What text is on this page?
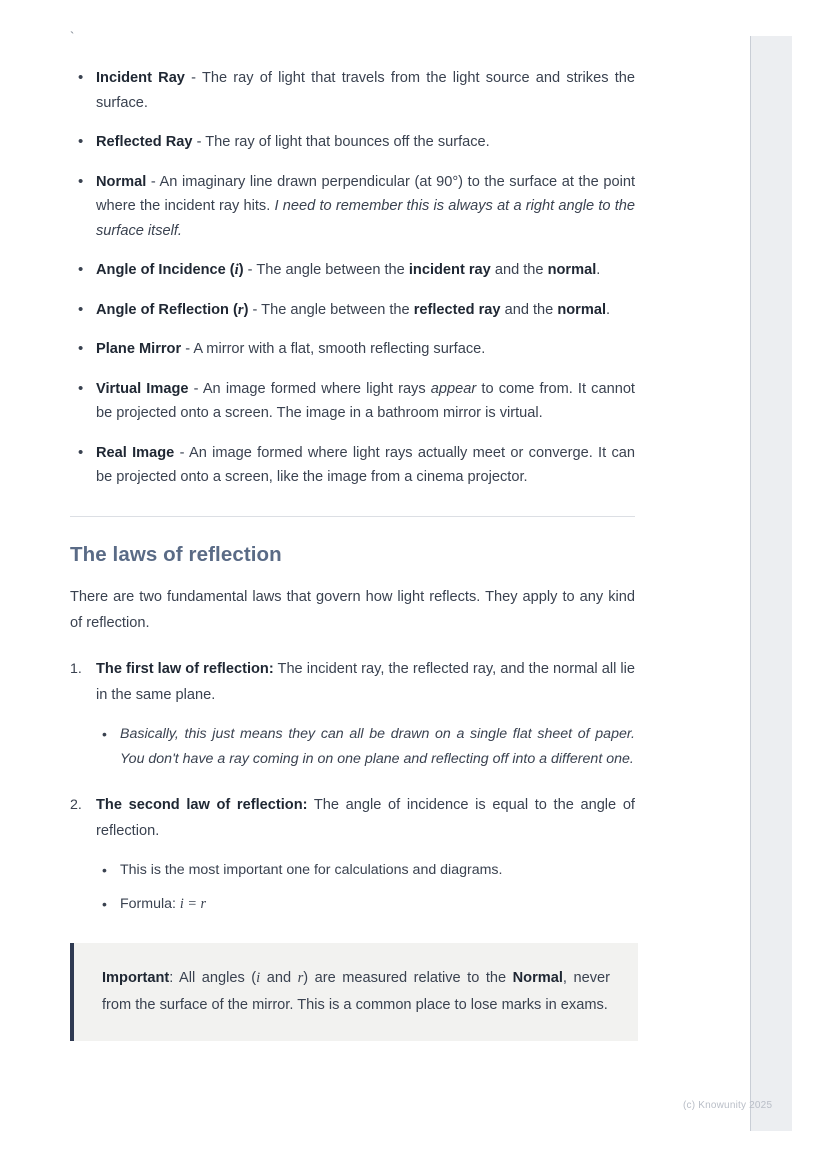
(c) Knowunity 2025
`
• Incident Ray - The ray of light that travels from the light source and strikes the surface.
• Reflected Ray - The ray of light that bounces off the surface.
• Normal - An imaginary line drawn perpendicular (at 90°) to the surface at the point where the incident ray hits. I need to remember this is always at a right angle to the surface itself.
• Angle of Incidence (i) - The angle between the incident ray and the normal.
• Angle of Reflection (r) - The angle between the reflected ray and the normal.
• Plane Mirror - A mirror with a flat, smooth reflecting surface.
• Virtual Image - An image formed where light rays appear to come from. It cannot be projected onto a screen. The image in a bathroom mirror is virtual.
• Real Image - An image formed where light rays actually meet or converge. It can be projected onto a screen, like the image from a cinema projector.
The laws of reflection

There are two fundamental laws that govern how light reflects. They apply to any kind of reflection.

The first law of reflection: The incident ray, the reflected ray, and the normal all lie in the same plane.
• Basically, this just means they can all be drawn on a single flat sheet of paper. You don't have a ray coming in on one plane and reflecting off into a different one.
The second law of reflection: The angle of incidence is equal to the angle of reflection.
• This is the most important one for calculations and diagrams.
• Formula: i = r

Important: All angles (i and r) are measured relative to the Normal, never from the surface of the mirror. This is a common place to lose marks in exams.
